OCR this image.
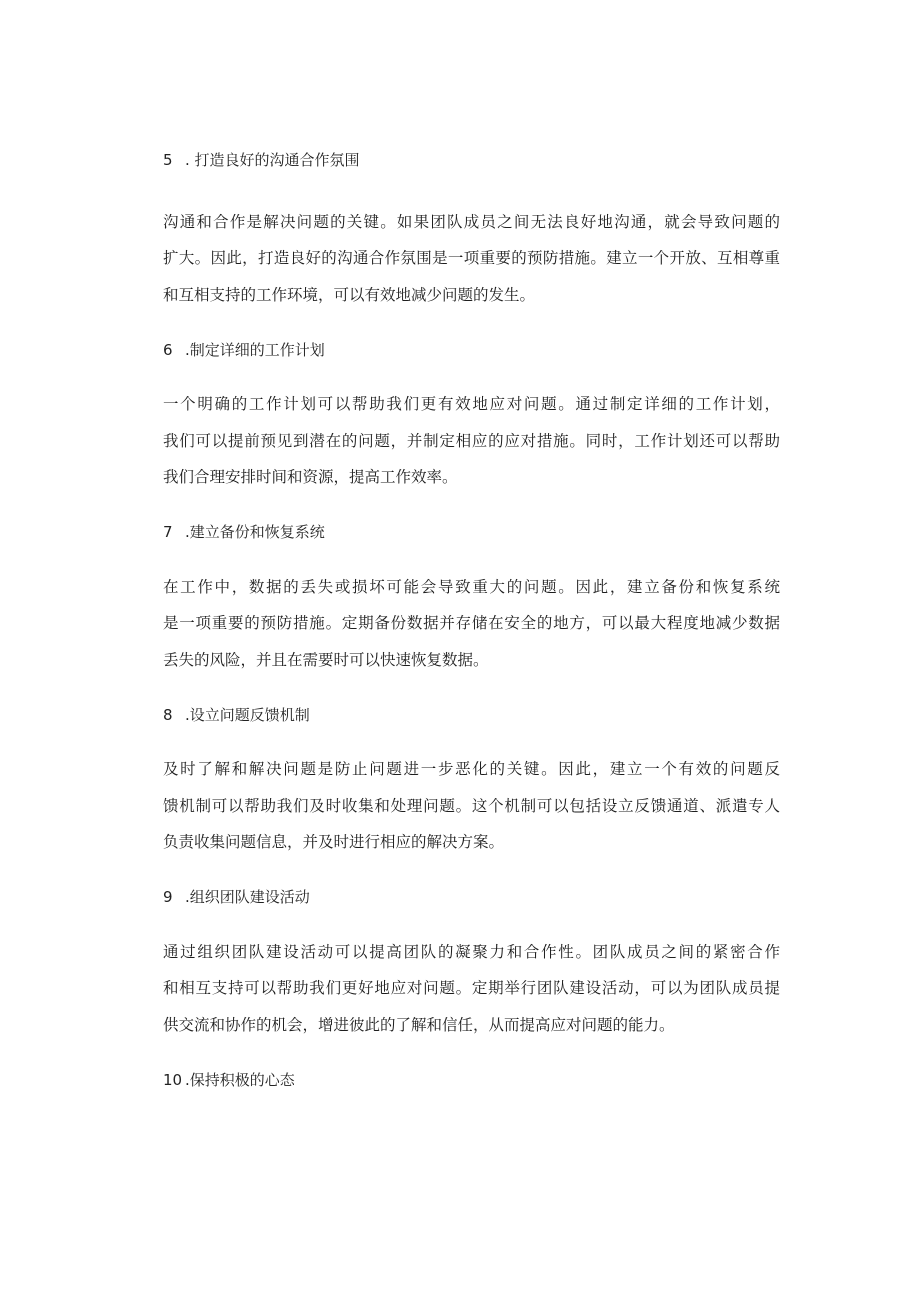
5 . 打造良好的沟通合作氛围
沟通和合作是解决问题的关键。如果团队成员之间无法良好地沟通，就会导致问题的
扩大。因此，打造良好的沟通合作氛围是一项重要的预防措施。建立一个开放、互相尊重
和互相支持的工作环境，可以有效地减少问题的发生。
6 .制定详细的工作计划
一个明确的工作计划可以帮助我们更有效地应对问题。通过制定详细的工作计划，
我们可以提前预见到潜在的问题，并制定相应的应对措施。同时，工作计划还可以帮助
我们合理安排时间和资源，提高工作效率。
7 .建立备份和恢复系统
在工作中，数据的丢失或损坏可能会导致重大的问题。因此，建立备份和恢复系统
是一项重要的预防措施。定期备份数据并存储在安全的地方，可以最大程度地减少数据
丢失的风险，并且在需要时可以快速恢复数据。
8 .设立问题反馈机制
及时了解和解决问题是防止问题进一步恶化的关键。因此，建立一个有效的问题反
馈机制可以帮助我们及时收集和处理问题。这个机制可以包括设立反馈通道、派遣专人
负责收集问题信息，并及时进行相应的解决方案。
9 .组织团队建设活动
通过组织团队建设活动可以提高团队的凝聚力和合作性。团队成员之间的紧密合作
和相互支持可以帮助我们更好地应对问题。定期举行团队建设活动，可以为团队成员提
供交流和协作的机会，增进彼此的了解和信任，从而提高应对问题的能力。
10 .保持积极的心态
